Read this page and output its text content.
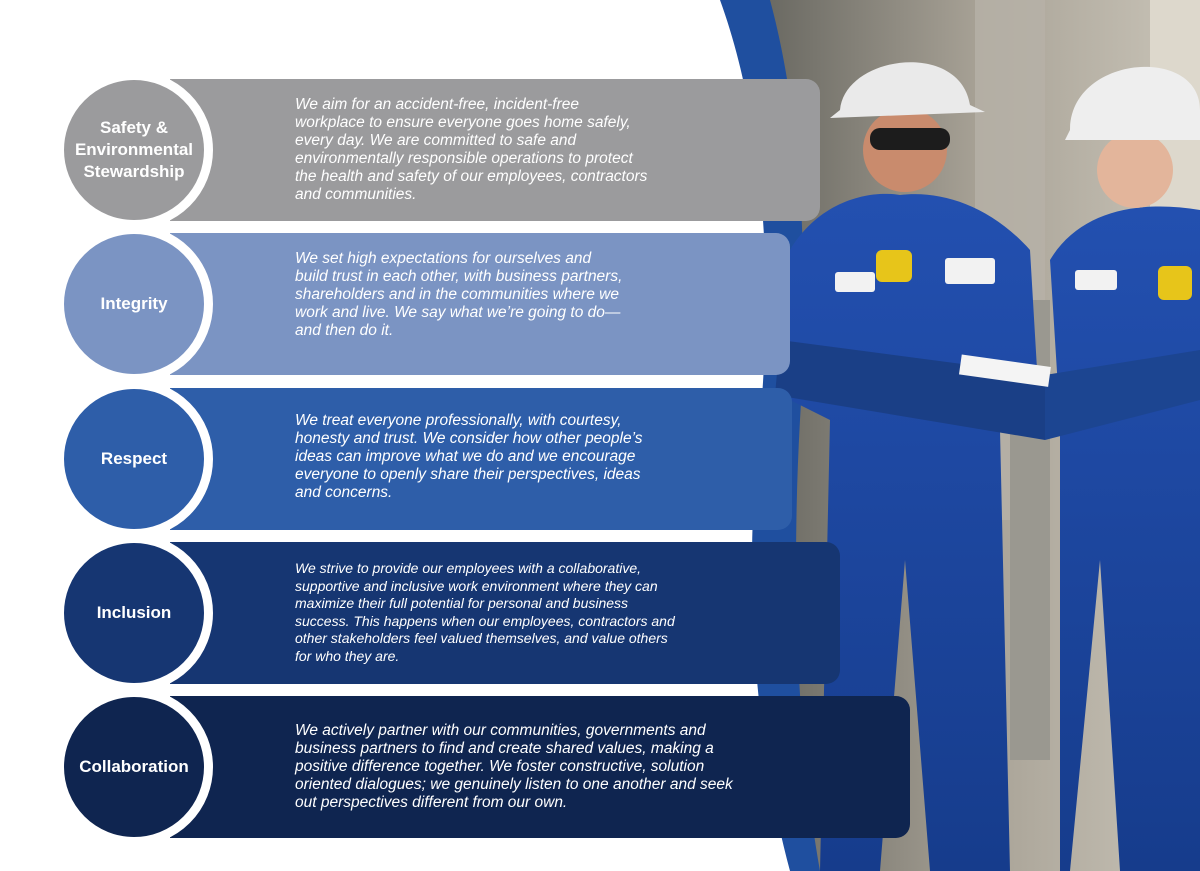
Safety & Environmental Stewardship
We aim for an accident-free, incident-free workplace to ensure everyone goes home safely, every day. We are committed to safe and environmentally responsible operations to protect the health and safety of our employees, contractors and communities.
Integrity
We set high expectations for ourselves and build trust in each other, with business partners, shareholders and in the communities where we work and live. We say what we’re going to do— and then do it.
Respect
We treat everyone professionally, with courtesy, honesty and trust. We consider how other people’s ideas can improve what we do and we encourage everyone to openly share their perspectives, ideas and concerns.
Inclusion
We strive to provide our employees with a collaborative, supportive and inclusive work environment where they can maximize their full potential for personal and business success. This happens when our employees, contractors and other stakeholders feel valued themselves, and value others for who they are.
Collaboration
We actively partner with our communities, governments and business partners to find and create shared values, making a positive difference together. We foster constructive, solution oriented dialogues; we genuinely listen to one another and seek out perspectives different from our own.
